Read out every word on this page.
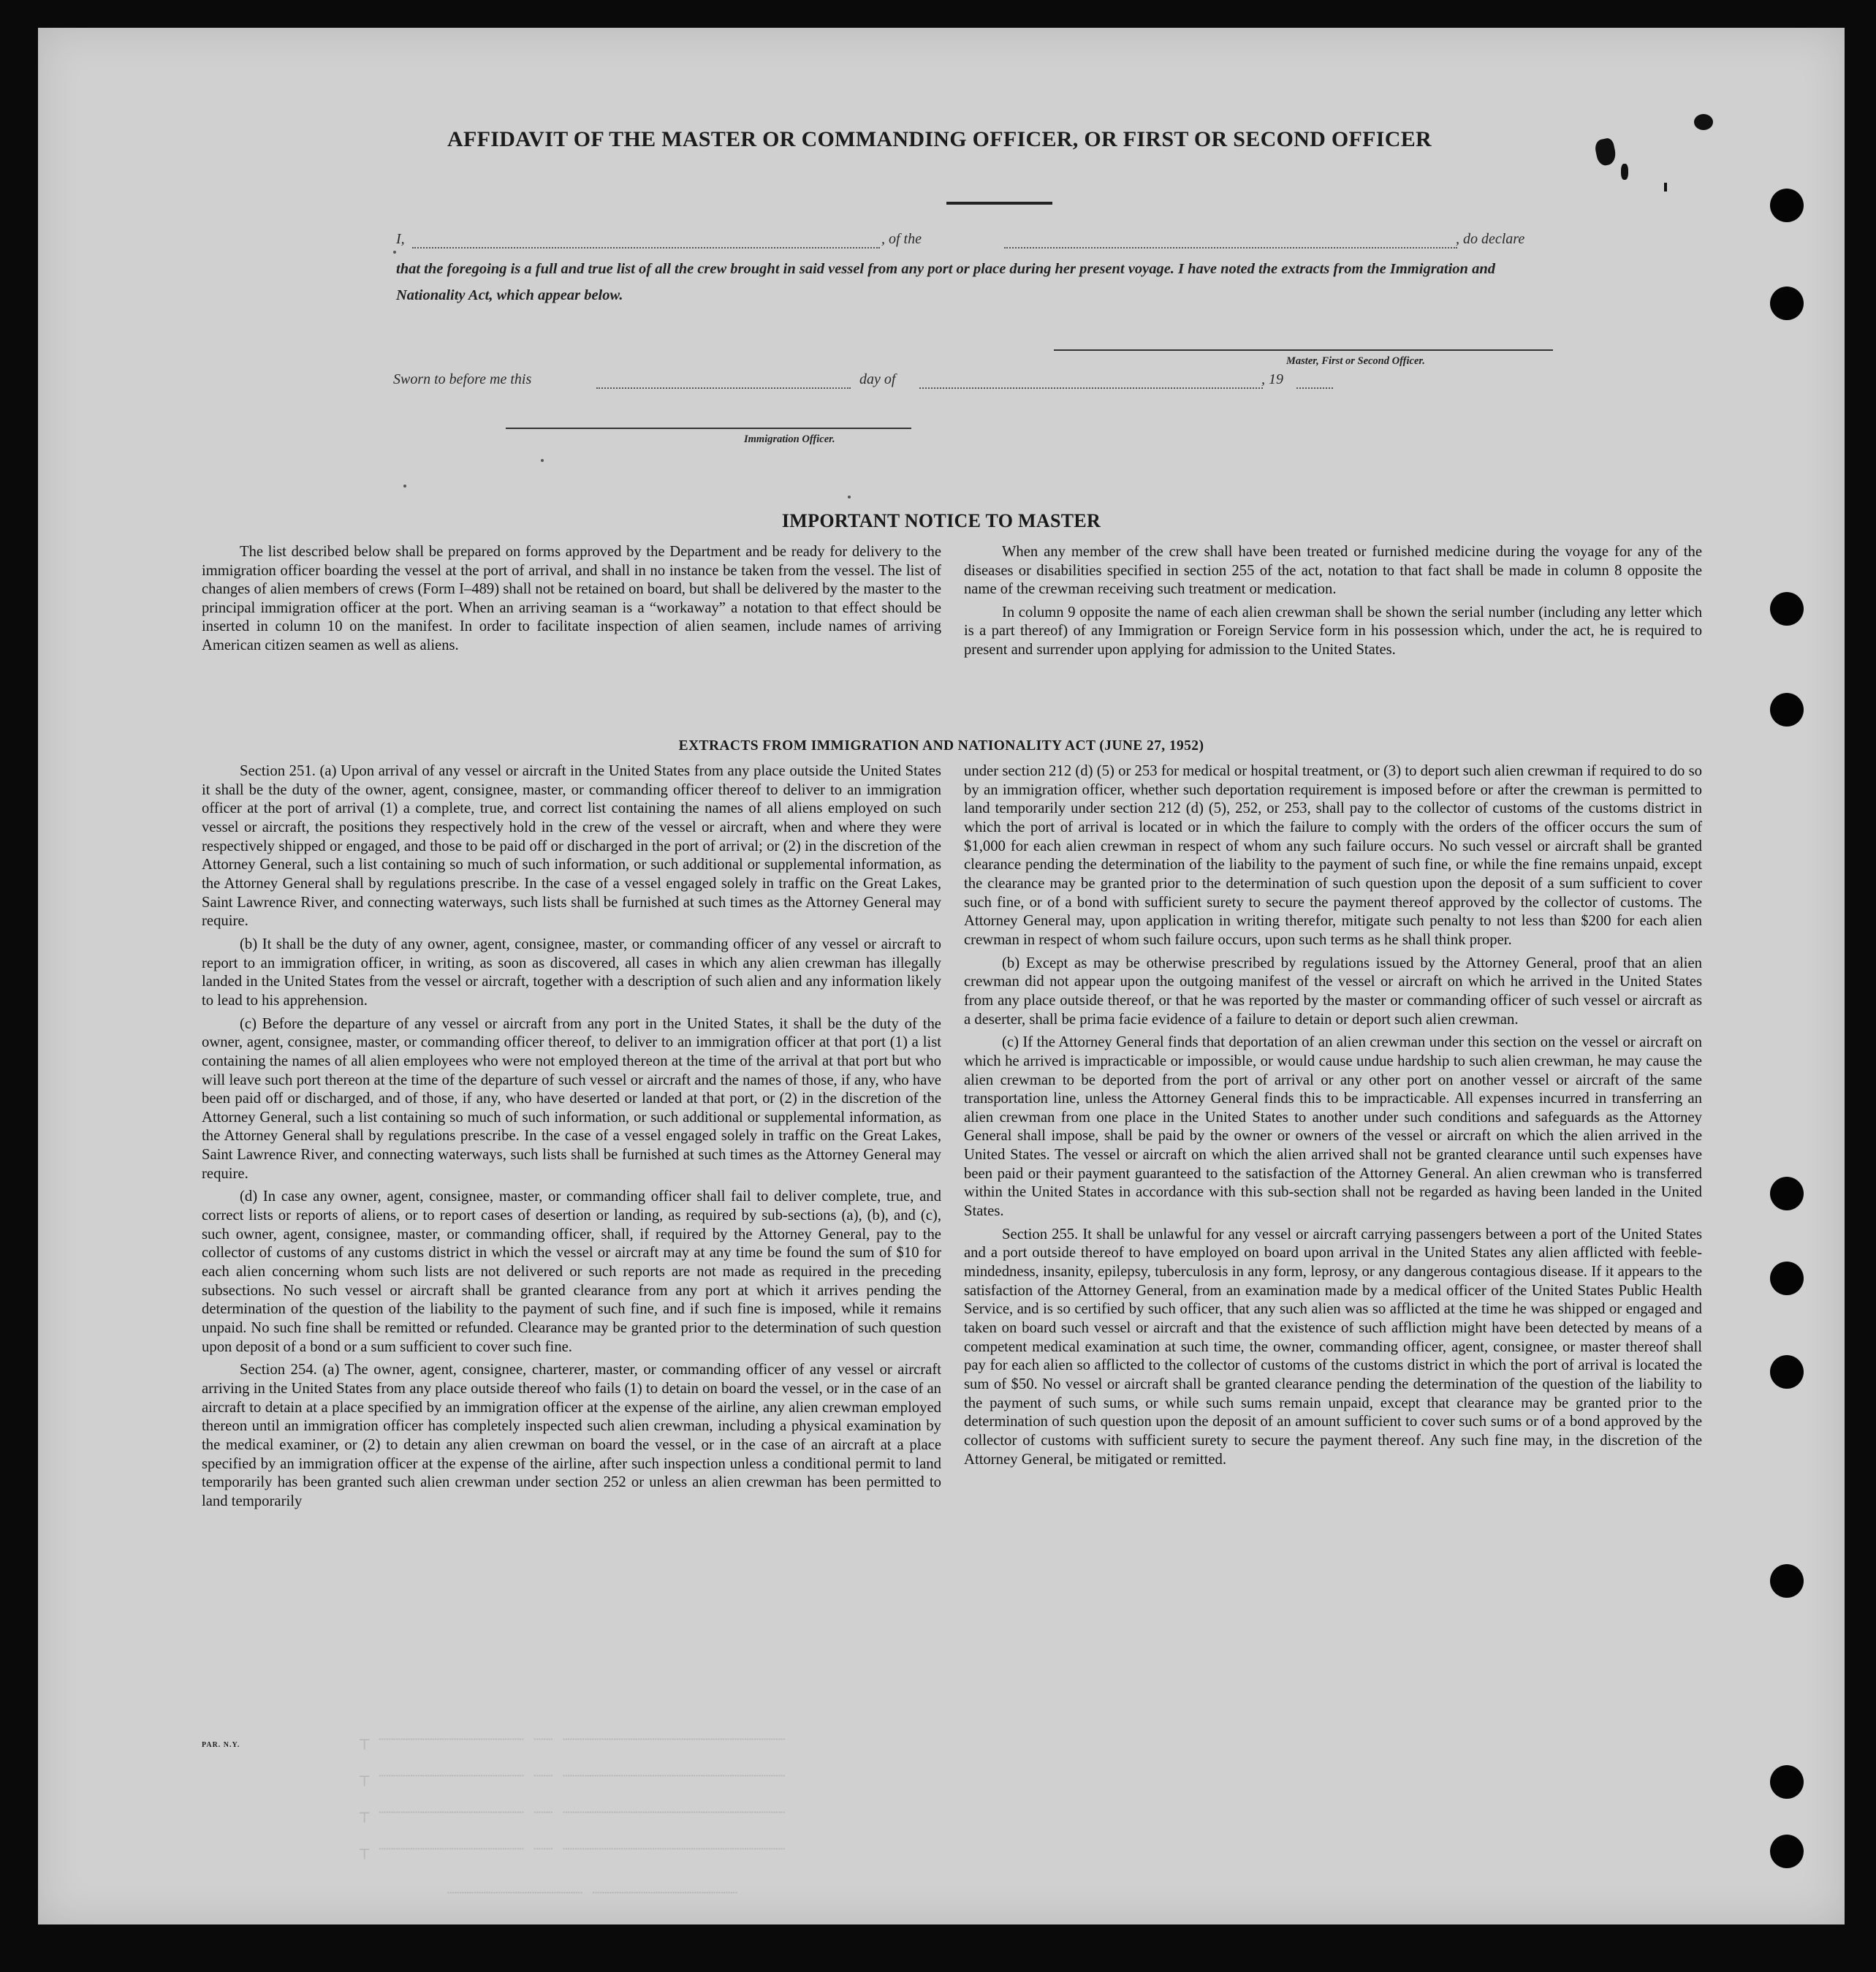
AFFIDAVIT OF THE MASTER OR COMMANDING OFFICER, OR FIRST OR SECOND OFFICER
I,	, of the	, do declare
that the foregoing is a full and true list of all the crew brought in said vessel from any port or place during her present voyage. I have noted the extracts from the Immigration and Nationality Act, which appear below.
Master, First or Second Officer.
Sworn to before me this	day of	, 19
Immigration Officer.
IMPORTANT NOTICE TO MASTER

The list described below shall be prepared on forms approved by the Department and be ready for delivery to the immigration officer boarding the vessel at the port of arrival, and shall in no instance be taken from the vessel. The list of changes of alien members of crews (Form I–489) shall not be retained on board, but shall be delivered by the master to the principal immigration officer at the port. When an arriving seaman is a “workaway” a notation to that effect should be inserted in column 10 on the manifest. In order to facilitate inspection of alien seamen, include names of arriving American citizen seamen as well as aliens.

When any member of the crew shall have been treated or furnished medicine during the voyage for any of the diseases or disabilities specified in section 255 of the act, notation to that fact shall be made in column 8 opposite the name of the crewman receiving such treatment or medication.

In column 9 opposite the name of each alien crewman shall be shown the serial number (including any letter which is a part thereof) of any Immigration or Foreign Service form in his possession which, under the act, he is required to present and surrender upon applying for admission to the United States.

EXTRACTS FROM IMMIGRATION AND NATIONALITY ACT (JUNE 27, 1952)

Section 251. (a) Upon arrival of any vessel or aircraft in the United States from any place outside the United States it shall be the duty of the owner, agent, consignee, master, or commanding officer thereof to deliver to an immigration officer at the port of arrival (1) a complete, true, and correct list containing the names of all aliens employed on such vessel or aircraft, the positions they respectively hold in the crew of the vessel or aircraft, when and where they were respectively shipped or engaged, and those to be paid off or discharged in the port of arrival; or (2) in the discretion of the Attorney General, such a list containing so much of such information, or such additional or supplemental information, as the Attorney General shall by regulations prescribe. In the case of a vessel engaged solely in traffic on the Great Lakes, Saint Lawrence River, and connecting waterways, such lists shall be furnished at such times as the Attorney General may require.

(b) It shall be the duty of any owner, agent, consignee, master, or commanding officer of any vessel or aircraft to report to an immigration officer, in writing, as soon as discovered, all cases in which any alien crewman has illegally landed in the United States from the vessel or aircraft, together with a description of such alien and any information likely to lead to his apprehension.

(c) Before the departure of any vessel or aircraft from any port in the United States, it shall be the duty of the owner, agent, consignee, master, or commanding officer thereof, to deliver to an immigration officer at that port (1) a list containing the names of all alien employees who were not employed thereon at the time of the arrival at that port but who will leave such port thereon at the time of the departure of such vessel or aircraft and the names of those, if any, who have been paid off or discharged, and of those, if any, who have deserted or landed at that port, or (2) in the discretion of the Attorney General, such a list containing so much of such information, or such additional or supplemental information, as the Attorney General shall by regulations prescribe. In the case of a vessel engaged solely in traffic on the Great Lakes, Saint Lawrence River, and connecting waterways, such lists shall be furnished at such times as the Attorney General may require.

(d) In case any owner, agent, consignee, master, or commanding officer shall fail to deliver complete, true, and correct lists or reports of aliens, or to report cases of desertion or landing, as required by sub-sections (a), (b), and (c), such owner, agent, consignee, master, or commanding officer, shall, if required by the Attorney General, pay to the collector of customs of any customs district in which the vessel or aircraft may at any time be found the sum of $10 for each alien concerning whom such lists are not delivered or such reports are not made as required in the preceding subsections. No such vessel or aircraft shall be granted clearance from any port at which it arrives pending the determination of the question of the liability to the payment of such fine, and if such fine is imposed, while it remains unpaid. No such fine shall be remitted or refunded. Clearance may be granted prior to the determination of such question upon deposit of a bond or a sum sufficient to cover such fine.

Section 254. (a) The owner, agent, consignee, charterer, master, or commanding officer of any vessel or aircraft arriving in the United States from any place outside thereof who fails (1) to detain on board the vessel, or in the case of an aircraft to detain at a place specified by an immigration officer at the expense of the airline, any alien crewman employed thereon until an immigration officer has completely inspected such alien crewman, including a physical examination by the medical examiner, or (2) to detain any alien crewman on board the vessel, or in the case of an aircraft at a place specified by an immigration officer at the expense of the airline, after such inspection unless a conditional permit to land temporarily has been granted such alien crewman under section 252 or unless an alien crewman has been permitted to land temporarily

under section 212 (d) (5) or 253 for medical or hospital treatment, or (3) to deport such alien crewman if required to do so by an immigration officer, whether such deportation requirement is imposed before or after the crewman is permitted to land temporarily under section 212 (d) (5), 252, or 253, shall pay to the collector of customs of the customs district in which the port of arrival is located or in which the failure to comply with the orders of the officer occurs the sum of $1,000 for each alien crewman in respect of whom any such failure occurs. No such vessel or aircraft shall be granted clearance pending the determination of the liability to the payment of such fine, or while the fine remains unpaid, except the clearance may be granted prior to the determination of such question upon the deposit of a sum sufficient to cover such fine, or of a bond with sufficient surety to secure the payment thereof approved by the collector of customs. The Attorney General may, upon application in writing therefor, mitigate such penalty to not less than $200 for each alien crewman in respect of whom such failure occurs, upon such terms as he shall think proper.

(b) Except as may be otherwise prescribed by regulations issued by the Attorney General, proof that an alien crewman did not appear upon the outgoing manifest of the vessel or aircraft on which he arrived in the United States from any place outside thereof, or that he was reported by the master or commanding officer of such vessel or aircraft as a deserter, shall be prima facie evidence of a failure to detain or deport such alien crewman.

(c) If the Attorney General finds that deportation of an alien crewman under this section on the vessel or aircraft on which he arrived is impracticable or impossible, or would cause undue hardship to such alien crewman, he may cause the alien crewman to be deported from the port of arrival or any other port on another vessel or aircraft of the same transportation line, unless the Attorney General finds this to be impracticable. All expenses incurred in transferring an alien crewman from one place in the United States to another under such conditions and safeguards as the Attorney General shall impose, shall be paid by the owner or owners of the vessel or aircraft on which the alien arrived in the United States. The vessel or aircraft on which the alien arrived shall not be granted clearance until such expenses have been paid or their payment guaranteed to the satisfaction of the Attorney General. An alien crewman who is transferred within the United States in accordance with this sub-section shall not be regarded as having been landed in the United States.

Section 255. It shall be unlawful for any vessel or aircraft carrying passengers between a port of the United States and a port outside thereof to have employed on board upon arrival in the United States any alien afflicted with feeble-mindedness, insanity, epilepsy, tuberculosis in any form, leprosy, or any dangerous contagious disease. If it appears to the satisfaction of the Attorney General, from an examination made by a medical officer of the United States Public Health Service, and is so certified by such officer, that any such alien was so afflicted at the time he was shipped or engaged and taken on board such vessel or aircraft and that the existence of such affliction might have been detected by means of a competent medical examination at such time, the owner, commanding officer, agent, consignee, or master thereof shall pay for each alien so afflicted to the collector of customs of the customs district in which the port of arrival is located the sum of $50. No vessel or aircraft shall be granted clearance pending the determination of the question of the liability to the payment of such sums, or while such sums remain unpaid, except that clearance may be granted prior to the determination of such question upon the deposit of an amount sufficient to cover such sums or of a bond approved by the collector of customs with sufficient surety to secure the payment thereof. Any such fine may, in the discretion of the Attorney General, be mitigated or remitted.

PAR. N.Y.	┬ ┈┈┈┈┈┈┈┈┈┈┈┈┈┈┈ ┈┈ ┈┈┈┈┈┈┈┈┈┈┈┈┈┈┈┈┈┈┈┈┈┈┈
┬ ┈┈┈┈┈┈┈┈┈┈┈┈┈┈┈ ┈┈ ┈┈┈┈┈┈┈┈┈┈┈┈┈┈┈┈┈┈┈┈┈┈┈
┬ ┈┈┈┈┈┈┈┈┈┈┈┈┈┈┈ ┈┈ ┈┈┈┈┈┈┈┈┈┈┈┈┈┈┈┈┈┈┈┈┈┈┈
┬ ┈┈┈┈┈┈┈┈┈┈┈┈┈┈┈ ┈┈ ┈┈┈┈┈┈┈┈┈┈┈┈┈┈┈┈┈┈┈┈┈┈┈
┈┈┈┈┈┈┈┈┈┈┈┈┈┈ ┈┈┈┈┈┈┈┈┈┈┈┈┈┈┈
